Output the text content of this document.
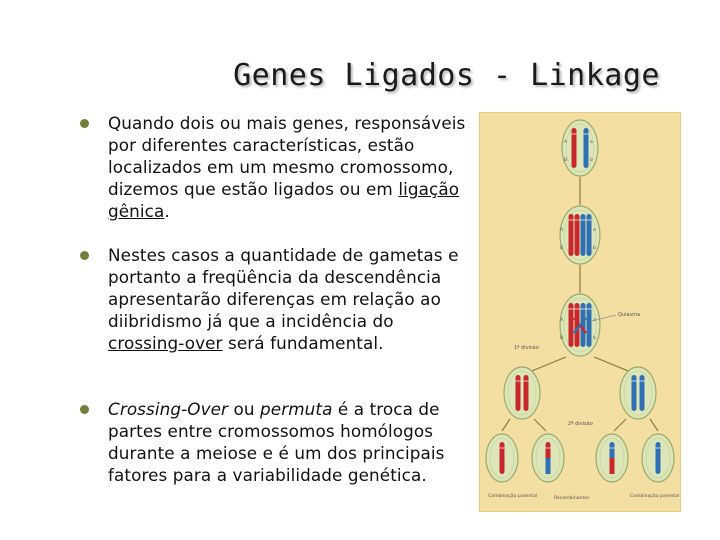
Genes Ligados - Linkage
Quando dois ou mais genes, responsáveis por diferentes características, estão localizados em um mesmo cromossomo, dizemos que estão ligados ou em ligação gênica.
Nestes casos a quantidade de gametas e portanto a freqüência da descendência apresentarão diferenças em relação ao diibridismo já que a incidência do crossing-over será fundamental.
Crossing-Over ou permuta é a troca de partes entre cromossomos homólogos durante a meiose e é um dos principais fatores para a variabilidade genética.
A	a
B	b
A	a
B	b
A
B	b
Quiasma
1ª divisão
2ª divisão
Combinação parental	Recombinantes	Combinação parental
